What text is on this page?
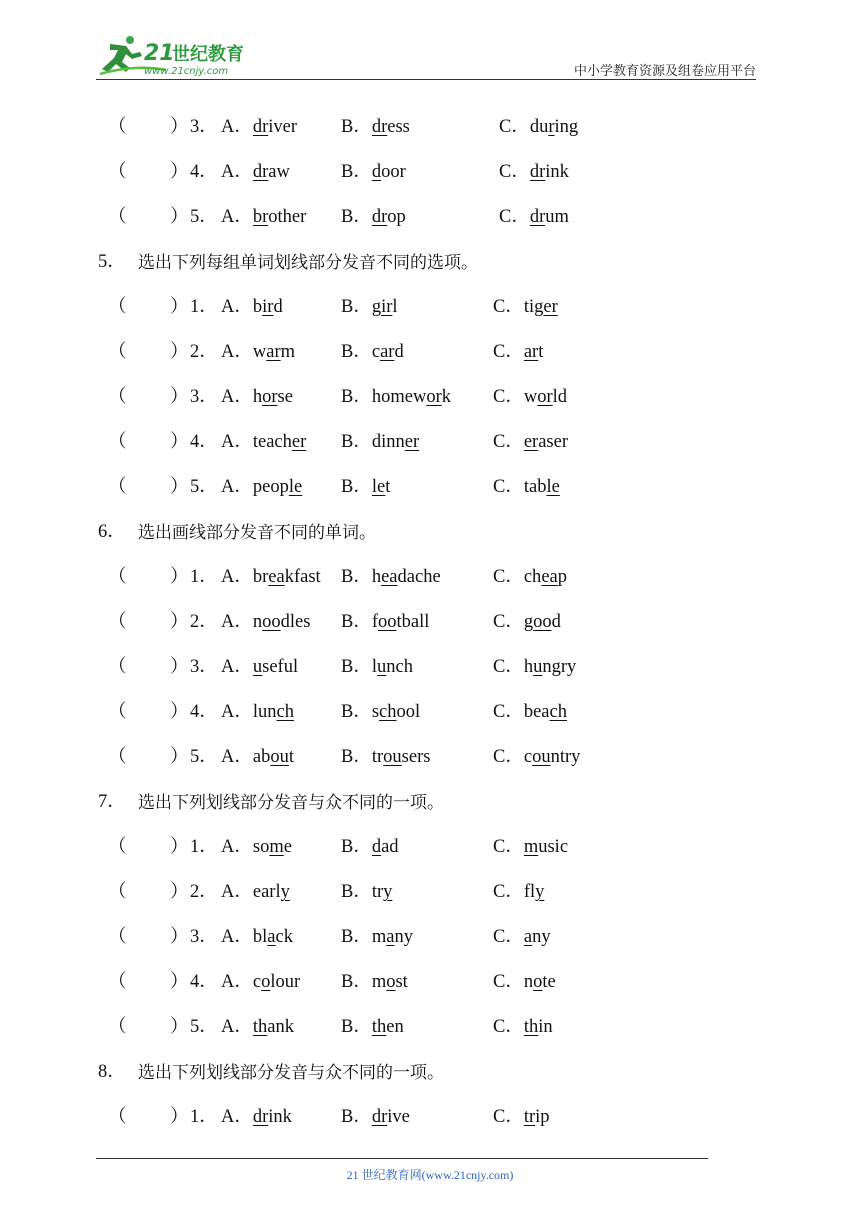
21
世纪教育
www.21cnjy.com	中小学教育资源及组卷应用平台
（ ） 3． A．driver B．dress	C．during
（ ） 4． A．draw	B．door	C．drink
（ ） 5． A．brother B．drop	C．drum
5． 选出下列每组单词划线部分发音不同的选项。
（ ） 1． A．bird	B．girl	C．tiger
（ ） 2． A．warm B．card	C．art
（ ） 3． A．horse	B．homework C．world
（ ） 4． A．teacher B．dinner	C．eraser
（ ） 5． A．people B．let	C．table
6． 选出画线部分发音不同的单词。
（ ） 1． A．breakfast B．headache	C．cheap
（ ） 2． A．noodles B．football	C．good
（ ） 3． A．useful B．lunch	C．hungry
（ ） 4． A．lunch	B．school	C．beach
（ ） 5． A．about	B．trousers	C．country
7． 选出下列划线部分发音与众不同的一项。
（ ） 1． A．some	B．dad	C．music
（ ） 2． A．early	B．try	C．fly
（ ） 3． A．black	B．many	C．any
（ ） 4． A．colour B．most	C．note
（ ） 5． A．thank	B．then	C．thin
8． 选出下列划线部分发音与众不同的一项。
（ ） 1． A．drink	B．drive	C．trip
21 世纪教育网(www.21cnjy.com)
